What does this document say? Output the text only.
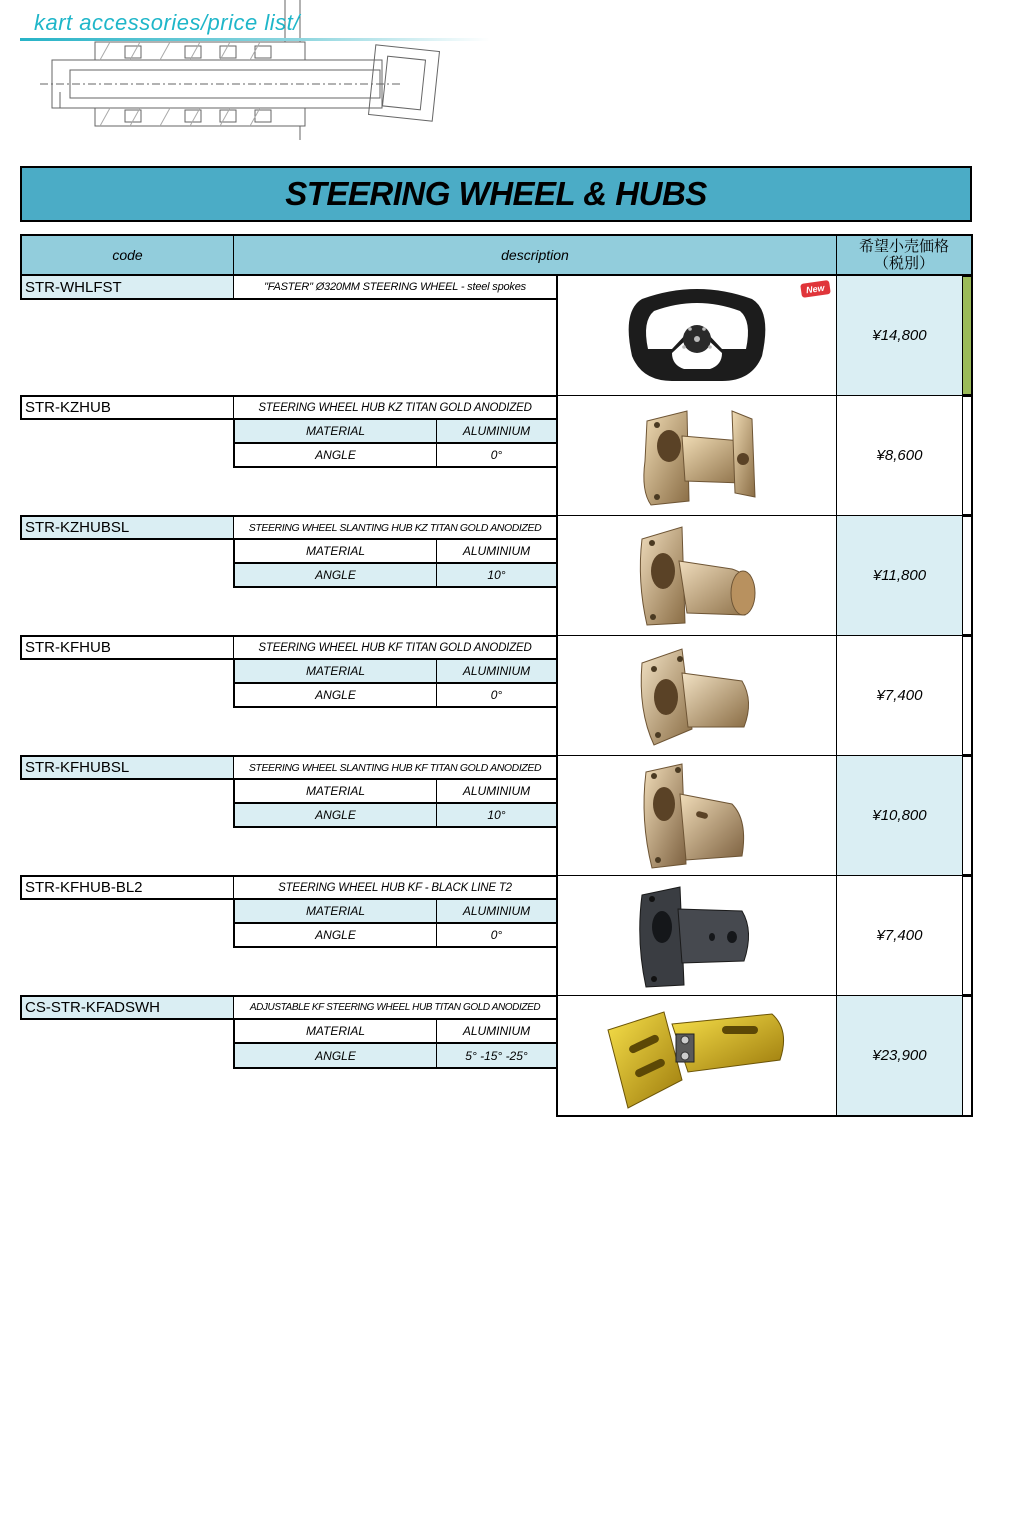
kart accessories/price list/
STEERING WHEEL & HUBS
code	description	希望小売価格
（税別）
STR-WHLFST	"FASTER" Ø320MM STEERING WHEEL - steel spokes	New
¥14,800
STR-KZHUB	STEERING WHEEL HUB KZ TITAN GOLD ANODIZED
MATERIAL	ALUMINIUM
ANGLE	0°	¥8,600
STR-KZHUBSL	STEERING WHEEL SLANTING HUB KZ TITAN GOLD ANODIZED
MATERIAL	ALUMINIUM
ANGLE	10°	¥11,800
STR-KFHUB	STEERING WHEEL HUB KF TITAN GOLD ANODIZED
MATERIAL	ALUMINIUM
ANGLE	0°	¥7,400
STR-KFHUBSL	STEERING WHEEL SLANTING HUB KF TITAN GOLD ANODIZED
MATERIAL	ALUMINIUM
ANGLE	10°	¥10,800
STR-KFHUB-BL2	STEERING WHEEL HUB KF - BLACK LINE T2
MATERIAL	ALUMINIUM
ANGLE	0°	¥7,400
CS-STR-KFADSWH	ADJUSTABLE KF STEERING WHEEL HUB TITAN GOLD ANODIZED
MATERIAL	ALUMINIUM
ANGLE	5° -15° -25°	¥23,900
